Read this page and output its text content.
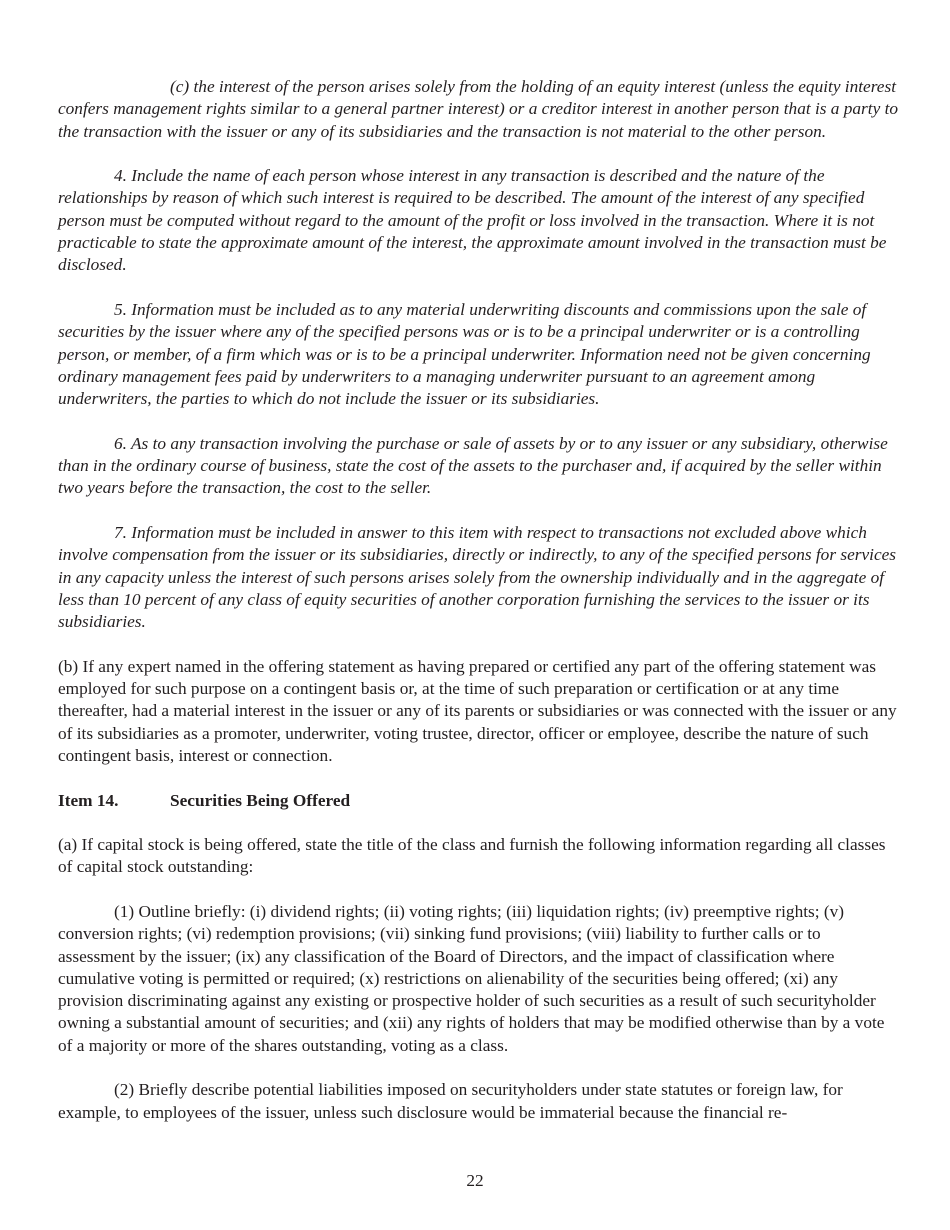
(c) the interest of the person arises solely from the holding of an equity interest (unless the equity interest confers management rights similar to a general partner interest) or a creditor interest in another person that is a party to the transaction with the issuer or any of its subsidiaries and the transaction is not material to the other person.

4. Include the name of each person whose interest in any transaction is described and the nature of the relationships by reason of which such interest is required to be described. The amount of the interest of any specified person must be computed without regard to the amount of the profit or loss involved in the transaction. Where it is not practicable to state the approximate amount of the interest, the approximate amount involved in the transaction must be disclosed.

5. Information must be included as to any material underwriting discounts and commissions upon the sale of securities by the issuer where any of the specified persons was or is to be a principal underwriter or is a controlling person, or member, of a firm which was or is to be a principal underwriter. Information need not be given concerning ordinary management fees paid by underwriters to a managing underwriter pursuant to an agreement among underwriters, the parties to which do not include the issuer or its subsidiaries.

6. As to any transaction involving the purchase or sale of assets by or to any issuer or any subsidiary, otherwise than in the ordinary course of business, state the cost of the assets to the purchaser and, if acquired by the seller within two years before the transaction, the cost to the seller.

7. Information must be included in answer to this item with respect to transactions not excluded above which involve compensation from the issuer or its subsidiaries, directly or indirectly, to any of the specified persons for services in any capacity unless the interest of such persons arises solely from the ownership individually and in the aggregate of less than 10 percent of any class of equity securities of another corporation furnishing the services to the issuer or its subsidiaries.

(b) If any expert named in the offering statement as having prepared or certified any part of the offering statement was employed for such purpose on a contingent basis or, at the time of such preparation or certification or at any time thereafter, had a material interest in the issuer or any of its parents or subsidiaries or was connected with the issuer or any of its subsidiaries as a promoter, underwriter, voting trustee, director, officer or employee, describe the nature of such contingent basis, interest or connection.

Item 14.	Securities Being Offered

(a) If capital stock is being offered, state the title of the class and furnish the following information regarding all classes of capital stock outstanding:

(1) Outline briefly: (i) dividend rights; (ii) voting rights; (iii) liquidation rights; (iv) preemptive rights; (v) conversion rights; (vi) redemption provisions; (vii) sinking fund provisions; (viii) liability to further calls or to assessment by the issuer; (ix) any classification of the Board of Directors, and the impact of classification where cumulative voting is permitted or required; (x) restrictions on alienability of the securities being offered; (xi) any provision discriminating against any existing or prospective holder of such securities as a result of such securityholder owning a substantial amount of securities; and (xii) any rights of holders that may be modified otherwise than by a vote of a majority or more of the shares outstanding, voting as a class.

(2) Briefly describe potential liabilities imposed on securityholders under state statutes or foreign law, for example, to employees of the issuer, unless such disclosure would be immaterial because the financial re-

22
